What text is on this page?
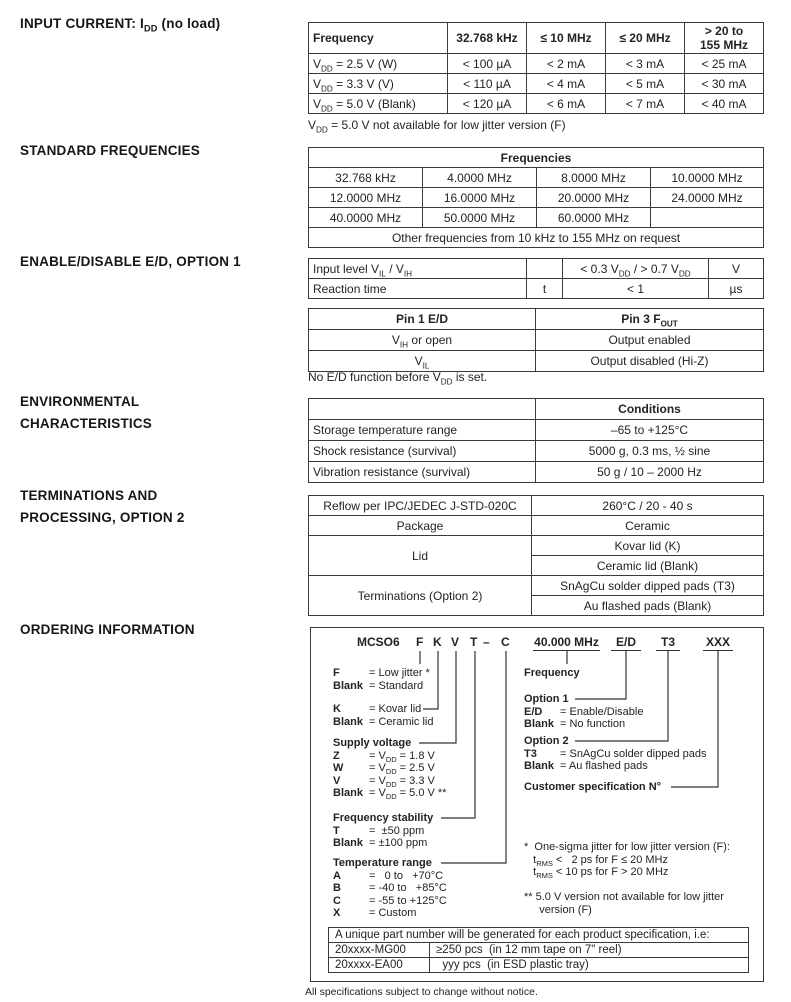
INPUT CURRENT: $I_{DD}$ (no load)
STANDARD FREQUENCIES
ENABLE/DISABLE E/D, OPTION 1
ENVIRONMENTAL
CHARACTERISTICS
TERMINATIONS AND
PROCESSING, OPTION 2
ORDERING INFORMATION
Frequency	32.768 kHz	≤ 10 MHz	≤ 20 MHz	> 20 to
155 MHz
$V_{DD} = 2.5$ V (W)	< 100 µA	< 2 mA	< 3 mA	< 25 mA
$V_{DD} = 3.3$ V (V)	< 110 µA	< 4 mA	< 5 mA	< 30 mA
$V_{DD} = 5.0$ V (Blank)	< 120 µA	< 6 mA	< 7 mA	< 40 mA
$V_{DD} = 5.0$ V not available for low jitter version (F)
Frequencies			
32.768 kHz	4.0000 MHz	8.0000 MHz	10.0000 MHz
12.0000 MHz	16.0000 MHz	20.0000 MHz	24.0000 MHz
40.0000 MHz	50.0000 MHz	60.0000 MHz	
Other frequencies from 10 kHz to 155 MHz on request			
Input level $V_{IL} / V_{IH}$		< 0.3 $V_{DD}$ / > 0.7 $V_{DD}$	V
Reaction time	t	< 1	µs
Pin 1 E/D	Pin 3 $F_{OUT}$
$V_{IH}$ or open	Output enabled
$V_{IL}$	Output disabled (Hi-Z)
No E/D function before $V_{DD}$ is set.
	Conditions
Storage temperature range	–65 to +125°C
Shock resistance (survival)	5000 g, 0.3 ms, ½ sine
Vibration resistance (survival)	50 g / 10 – 2000 Hz
Reflow per IPC/JEDEC J-STD-020C	260°C / 20 - 40 s
Package	Ceramic
Lid	Kovar lid (K)
	Ceramic lid (Blank)
Terminations (Option 2)	SnAgCu solder dipped pads (T3)
	Au flashed pads (Blank)
MCSO6 F K V T – C 40.000 MHz	E/D	T3	XXX
F	= Low jitter *
Blank = Standard
K	= Kovar lid
Blank = Ceramic lid
Supply voltage
Z	= $V_{DD} = 1.8$ V
$W = V_{DD} = 2.5$ V
V	= $V_{DD} = 3.3$ V
Blank = $V_{DD} = 5.0$ V **
Frequency stability
T	=  ±50 ppm
Blank = ±100 ppm
Temperature range
A	=   0 to   +70°C
B	= -40 to   +85°C
C	= -55 to +125°C
X	= Custom
Frequency
Option 1
E/D = Enable/Disable
Blank = No function
Option 2
T3 = SnAgCu solder dipped pads
Blank = Au flashed pads
Customer specification N°
*  One-sigma jitter for low jitter version (F):
$t_{RMS} < 2$ ps for F ≤ 20 MHz
$t_{RMS} < 10$ ps for F > 20 MHz
** 5.0 V version not available for low jitter
version (F)
A unique part number will be generated for each product specification, i.e:	
20xxxx-MG00	≥250 pcs  (in 12 mm tape on 7" reel)
20xxxx-EA00	yyy pcs  (in ESD plastic tray)
All specifications subject to change without notice.
